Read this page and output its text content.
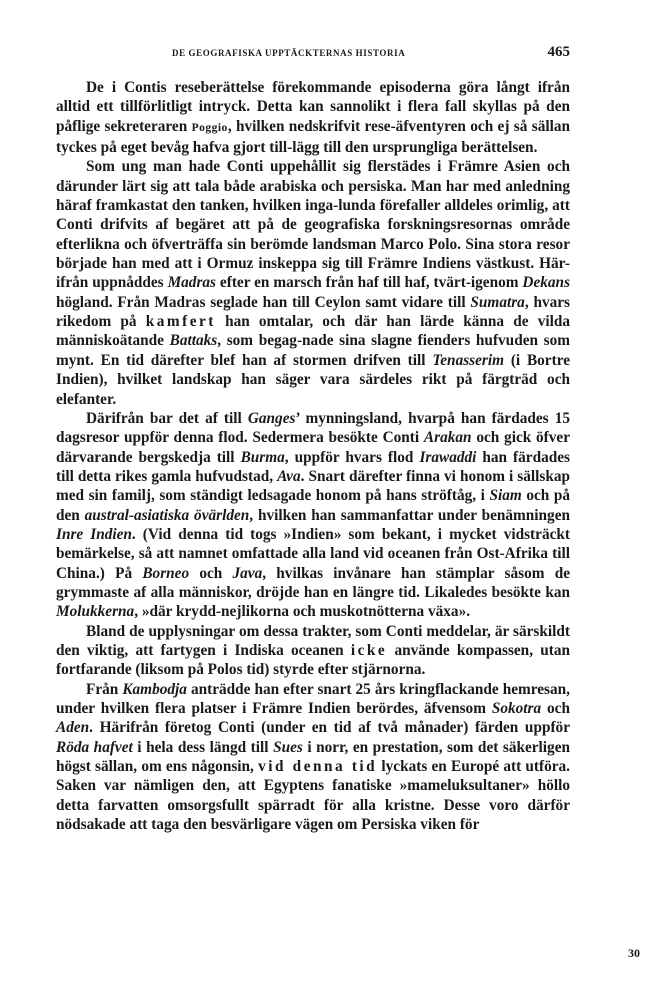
DE GEOGRAFISKA UPPTÄCKTERNAS HISTORIA	465

De i Contis reseberättelse förekommande episoderna göra långt ifrån alltid ett tillförlitligt intryck. Detta kan sannolikt i flera fall skyllas på den påflige sekreteraren Poggio, hvilken nedskrifvit rese-äfventyren och ej så sällan tyckes på eget bevåg hafva gjort till-lägg till den ursprungliga berättelsen.

Som ung man hade Conti uppehållit sig flerstädes i Främre Asien och därunder lärt sig att tala både arabiska och persiska. Man har med anledning häraf framkastat den tanken, hvilken inga-lunda förefaller alldeles orimlig, att Conti drifvits af begäret att på de geografiska forskningsresornas område efterlikna och öfverträffa sin berömde landsman Marco Polo. Sina stora resor började han med att i Ormuz inskeppa sig till Främre Indiens västkust. Här-ifrån uppnåddes Madras efter en marsch från haf till haf, tvärt-igenom Dekans högland. Från Madras seglade han till Ceylon samt vidare till Sumatra, hvars rikedom på kamfert han omtalar, och där han lärde känna de vilda människoätande Battaks, som begag-nade sina slagne fienders hufvuden som mynt. En tid därefter blef han af stormen drifven till Tenasserim (i Bortre Indien), hvilket landskap han säger vara särdeles rikt på färgträd och elefanter.

Därifrån bar det af till Ganges’ mynningsland, hvarpå han färdades 15 dagsresor uppför denna flod. Sedermera besökte Conti Arakan och gick öfver därvarande bergskedja till Burma, uppför hvars flod Irawaddi han färdades till detta rikes gamla hufvudstad, Ava. Snart därefter finna vi honom i sällskap med sin familj, som ständigt ledsagade honom på hans ströftåg, i Siam och på den austral-asiatiska övärlden, hvilken han sammanfattar under benämningen Inre Indien. (Vid denna tid togs »Indien» som bekant, i mycket vidsträckt bemärkelse, så att namnet omfattade alla land vid oceanen från Ost-Afrika till China.) På Borneo och Java, hvilkas invånare han stämplar såsom de grymmaste af alla människor, dröjde han en längre tid. Likaledes besökte kan Molukkerna, »där krydd-nejlikorna och muskotnötterna växa».

Bland de upplysningar om dessa trakter, som Conti meddelar, är särskildt den viktig, att fartygen i Indiska oceanen icke använde kompassen, utan fortfarande (liksom på Polos tid) styrde efter stjärnorna.

Från Kambodja anträdde han efter snart 25 års kringflackande hemresan, under hvilken flera platser i Främre Indien berördes, äfvensom Sokotra och Aden. Härifrån företog Conti (under en tid af två månader) färden uppför Röda hafvet i hela dess längd till Sues i norr, en prestation, som det säkerligen högst sällan, om ens någonsin, vid denna tid lyckats en Europé att utföra. Saken var nämligen den, att Egyptens fanatiske »mameluksultaner» höllo detta farvatten omsorgsfullt spärradt för alla kristne. Desse voro därför nödsakade att taga den besvärligare vägen om Persiska viken för

30
